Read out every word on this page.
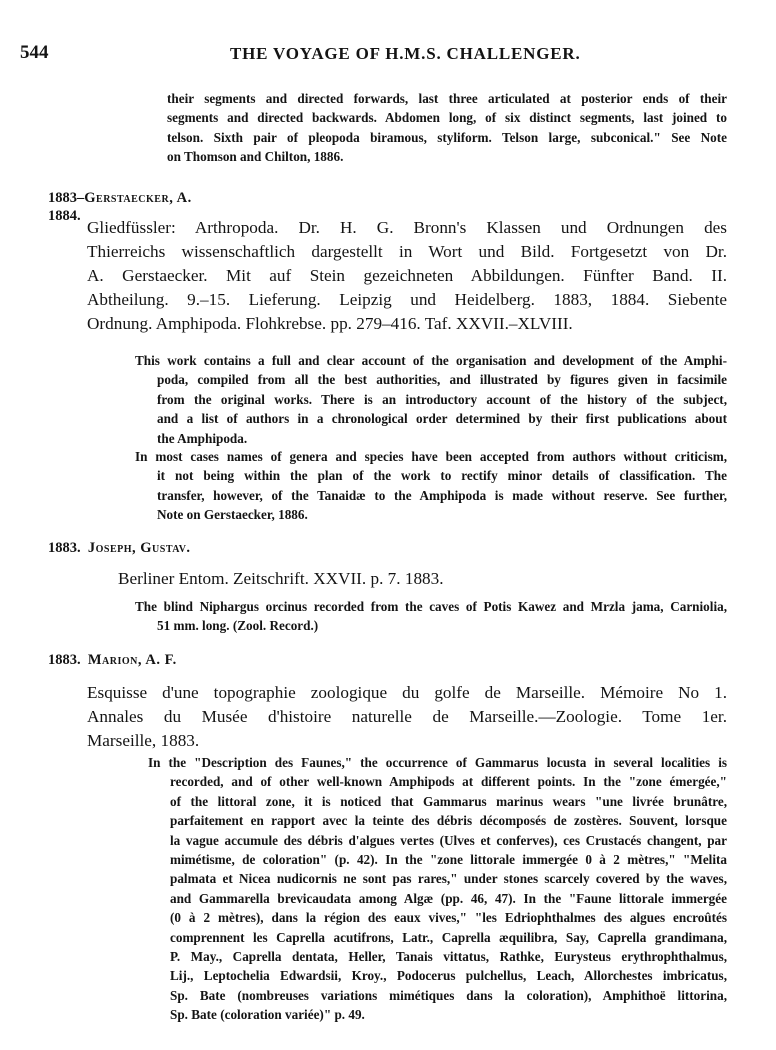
544	THE VOYAGE OF H.M.S. CHALLENGER.
their segments and directed forwards, last three articulated at posterior ends of their
segments and directed backwards. Abdomen long, of six distinct segments, last joined to
telson. Sixth pair of pleopoda biramous, styliform. Telson large, subconical." See Note
on Thomson and Chilton, 1886.
1883–Gerstaecker, A.
1884.
Gliedfüssler: Arthropoda. Dr. H. G. Bronn's Klassen und Ordnungen des
Thierreichs wissenschaftlich dargestellt in Wort und Bild. Fortgesetzt von Dr.
A. Gerstaecker. Mit auf Stein gezeichneten Abbildungen. Fünfter Band. II.
Abtheilung. 9.–15. Lieferung. Leipzig und Heidelberg. 1883, 1884. Siebente
Ordnung. Amphipoda. Flohkrebse. pp. 279–416. Taf. XXVII.–XLVIII.
This work contains a full and clear account of the organisation and development of the Amphi-
poda, compiled from all the best authorities, and illustrated by figures given in facsimile
from the original works. There is an introductory account of the history of the subject,
and a list of authors in a chronological order determined by their first publications about
the Amphipoda.
In most cases names of genera and species have been accepted from authors without criticism,
it not being within the plan of the work to rectify minor details of classification. The
transfer, however, of the Tanaidæ to the Amphipoda is made without reserve. See further,
Note on Gerstaecker, 1886.
1883. Joseph, Gustav.
Berliner Entom. Zeitschrift. XXVII. p. 7. 1883.
The blind Niphargus orcinus recorded from the caves of Potis Kawez and Mrzla jama, Carniolia,
51 mm. long. (Zool. Record.)
1883. Marion, A. F.
Esquisse d'une topographie zoologique du golfe de Marseille. Mémoire No 1.
Annales du Musée d'histoire naturelle de Marseille.—Zoologie. Tome 1er.
Marseille, 1883.
In the "Description des Faunes," the occurrence of Gammarus locusta in several localities is
recorded, and of other well-known Amphipods at different points. In the "zone émergée,"
of the littoral zone, it is noticed that Gammarus marinus wears "une livrée brunâtre,
parfaitement en rapport avec la teinte des débris décomposés de zostères. Souvent, lorsque
la vague accumule des débris d'algues vertes (Ulves et conferves), ces Crustacés changent, par
mimétisme, de coloration" (p. 42). In the "zone littorale immergée 0 à 2 mètres," "Melita
palmata et Nicea nudicornis ne sont pas rares," under stones scarcely covered by the waves,
and Gammarella brevicaudata among Algæ (pp. 46, 47). In the "Faune littorale immergée
(0 à 2 mètres), dans la région des eaux vives," "les Edriophthalmes des algues encroûtés
comprennent les Caprella acutifrons, Latr., Caprella æquilibra, Say, Caprella grandimana,
P. May., Caprella dentata, Heller, Tanais vittatus, Rathke, Eurysteus erythrophthalmus,
Lij., Leptochelia Edwardsii, Kroy., Podocerus pulchellus, Leach, Allorchestes imbricatus,
Sp. Bate (nombreuses variations mimétiques dans la coloration), Amphithoë littorina,
Sp. Bate (coloration variée)" p. 49.
